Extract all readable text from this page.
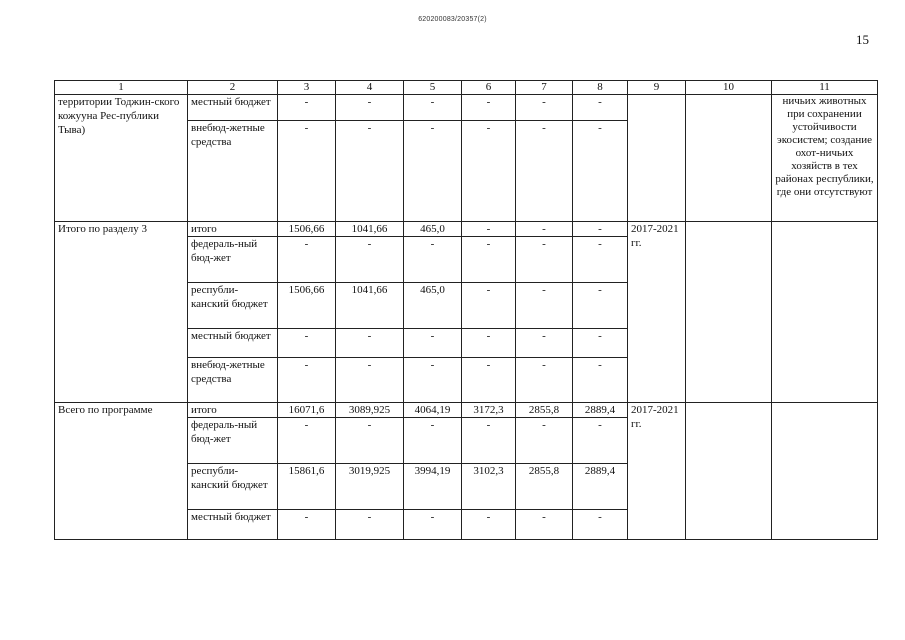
620200083/20357(2)
15
1	2	3	4	5	6	7	8	9	10	11
территории Тоджин-ского кожууна Рес-публики Тыва)	местный бюджет	-	-	-	-	-	-			ничьих животных при сохранении устойчивости экосистем; создание охот-ничьих хозяйств в тех районах республики, где они отсутствуют
	внебюд-жетные средства	-	-	-	-	-	-			
Итого по разделу 3	итого	1506,66	1041,66	465,0	-	-	-	2017-2021 гг.		
	федераль-ный бюд-жет	-	-	-	-	-	-			
	республи-канский бюджет	1506,66	1041,66	465,0	-	-	-			
	местный бюджет	-	-	-	-	-	-			
	внебюд-жетные средства	-	-	-	-	-	-			
Всего по программе	итого	16071,6	3089,925	4064,19	3172,3	2855,8	2889,4	2017-2021 гг.		
	федераль-ный бюд-жет	-	-	-	-	-	-			
	республи-канский бюджет	15861,6	3019,925	3994,19	3102,3	2855,8	2889,4			
	местный бюджет	-	-	-	-	-	-			
